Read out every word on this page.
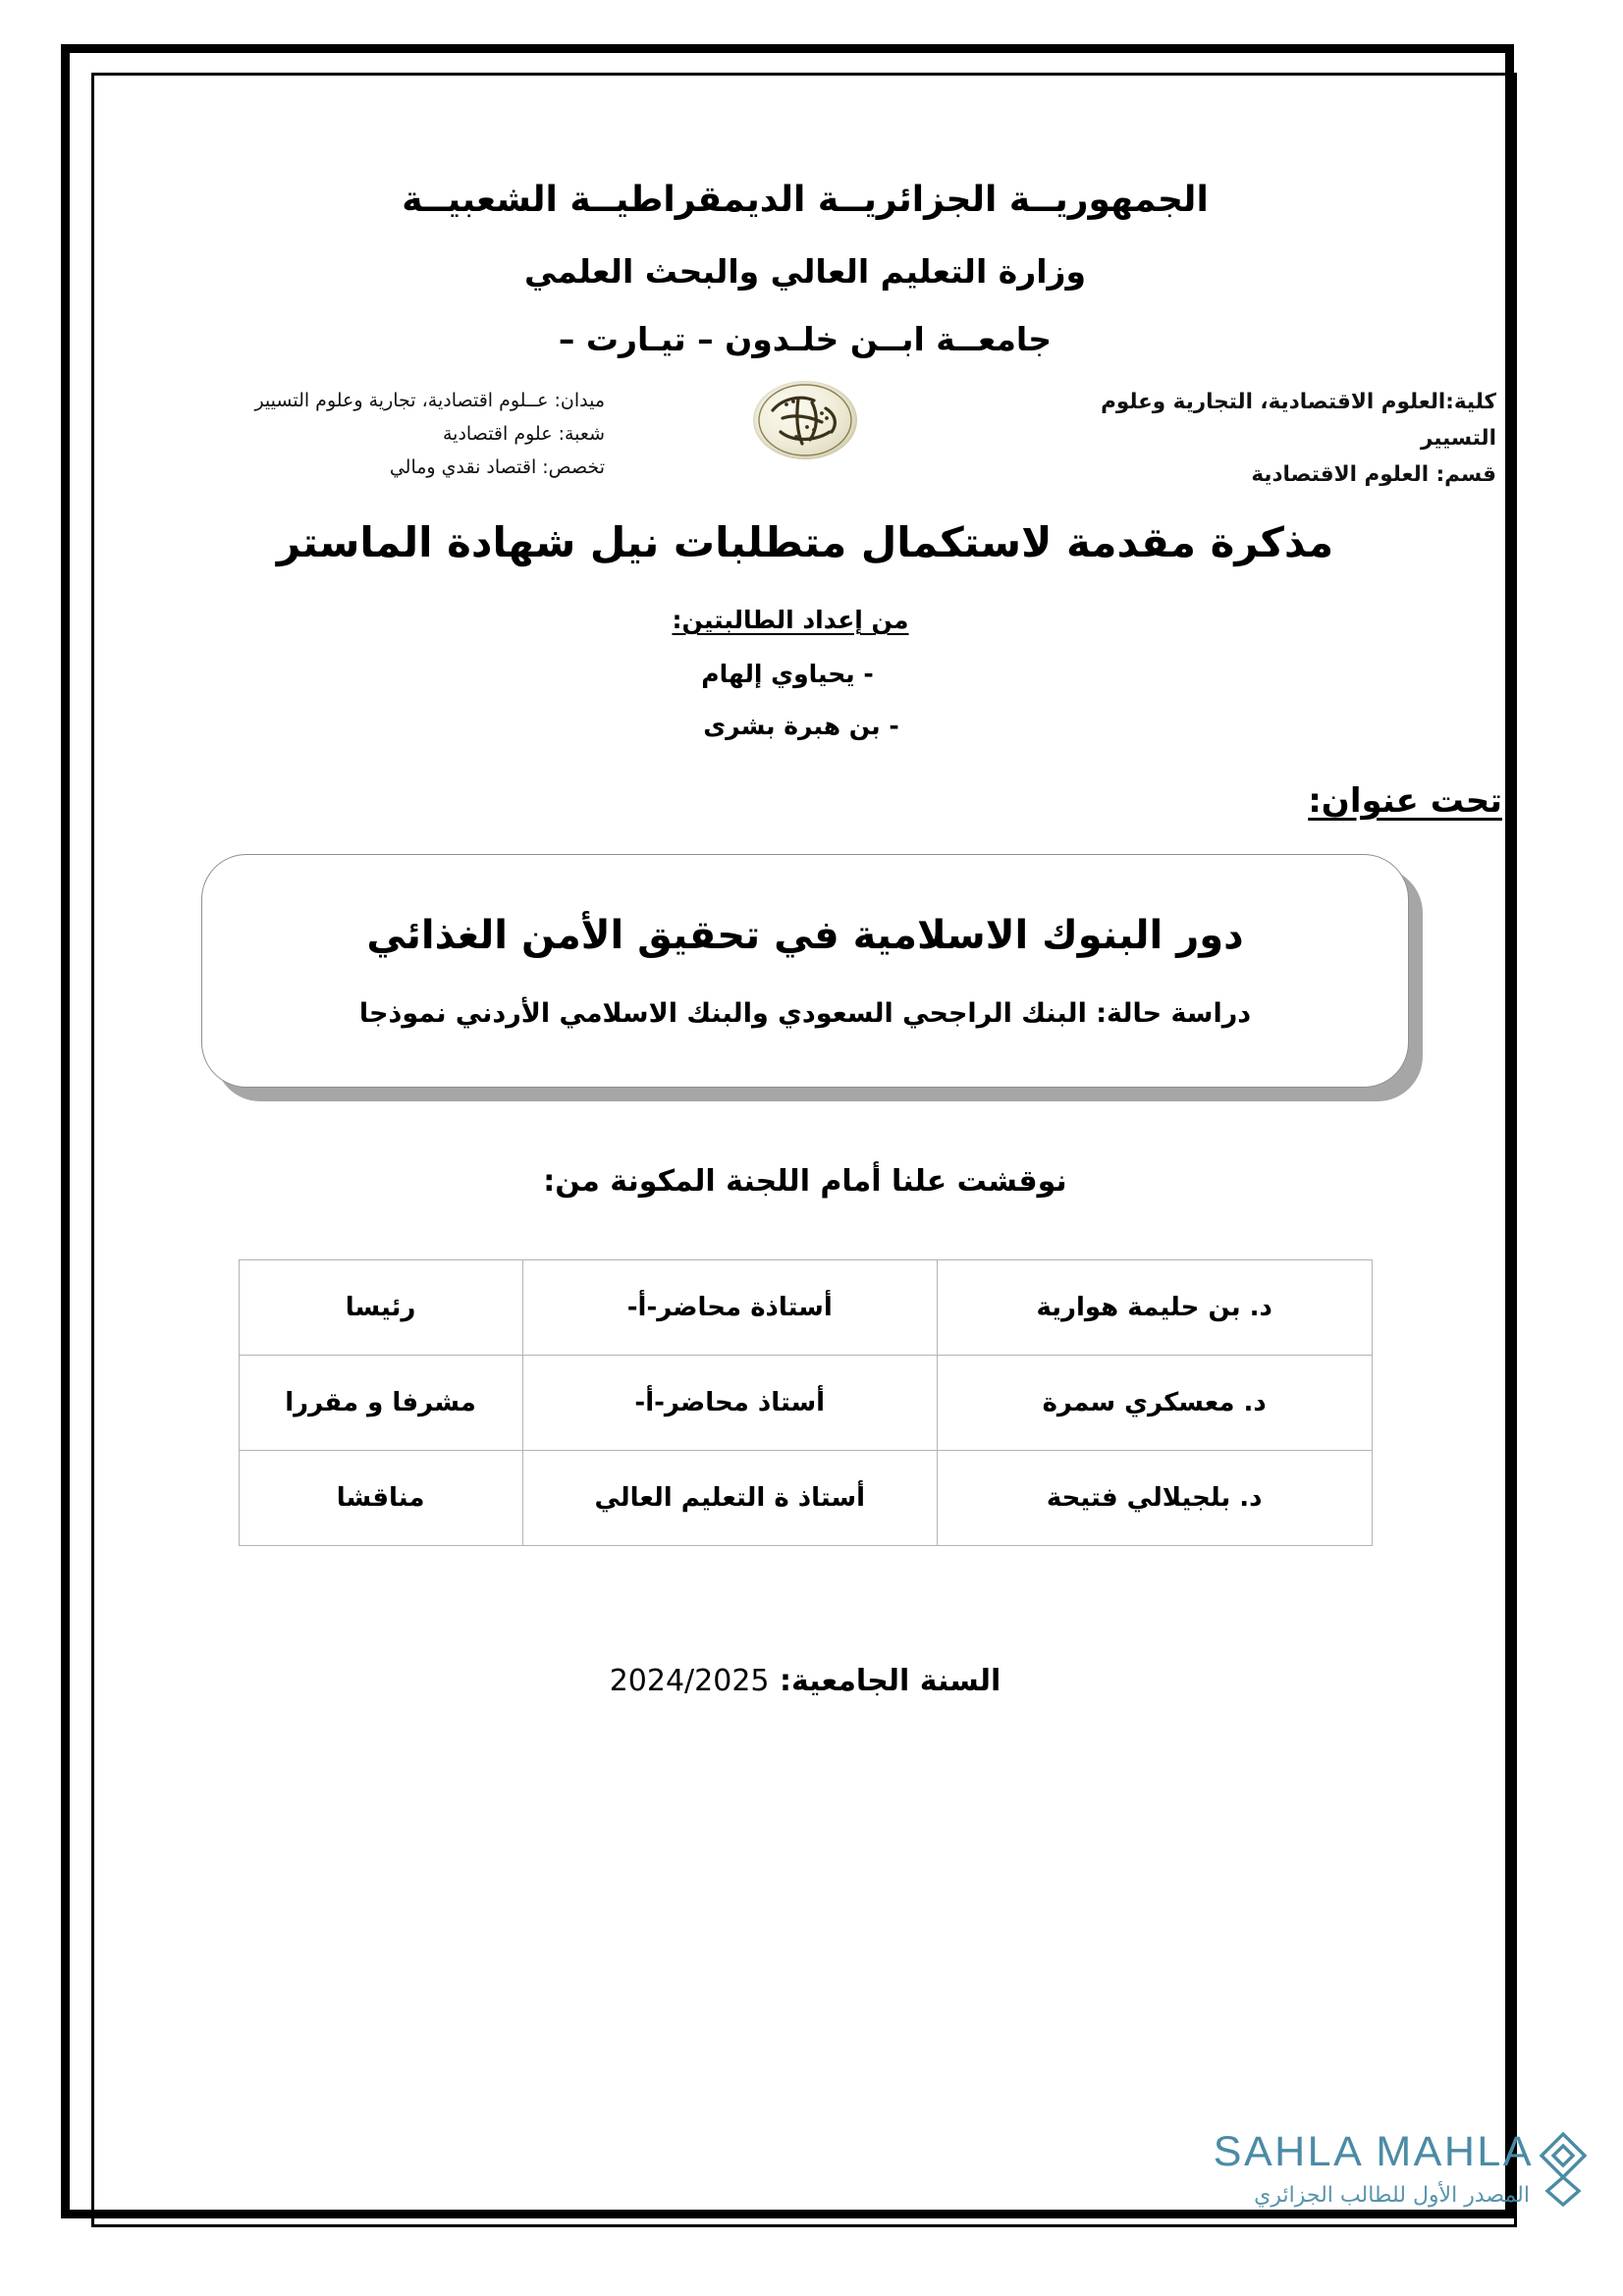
الجمهوريــة الجزائريــة الديمقراطيــة الشعبيــة
وزارة التعليم العالي والبحث العلمي
جامعــة ابــن خلـدون – تيـارت –
كلية:العلوم الاقتصادية، التجارية وعلوم التسيير
قسم: العلوم الاقتصادية
ميدان: عــلوم اقتصادية، تجارية وعلوم التسيير
شعبة: علوم اقتصادية
تخصص: اقتصاد نقدي ومالي
مذكرة مقدمة لاستكمال متطلبات نيل شهادة الماستر
من إعداد الطالبتين:
- يحياوي إلهام
- بن هبرة بشرى
تحت عنوان:
دور البنوك الاسلامية في تحقيق الأمن الغذائي
دراسة حالة: البنك الراجحي السعودي والبنك الاسلامي الأردني نموذجا
نوقشت علنا أمام اللجنة المكونة من:
د. بن حليمة هوارية	أستاذة محاضر-أ-	رئيسا
د. معسكري سمرة	أستاذ محاضر-أ-	مشرفا و مقررا
د. بلجيلالي فتيحة	أستاذ ة التعليم العالي	مناقشا
السنة الجامعية: 2024/2025
SAHLA MAHLA
المصدر الأول للطالب الجزائري
